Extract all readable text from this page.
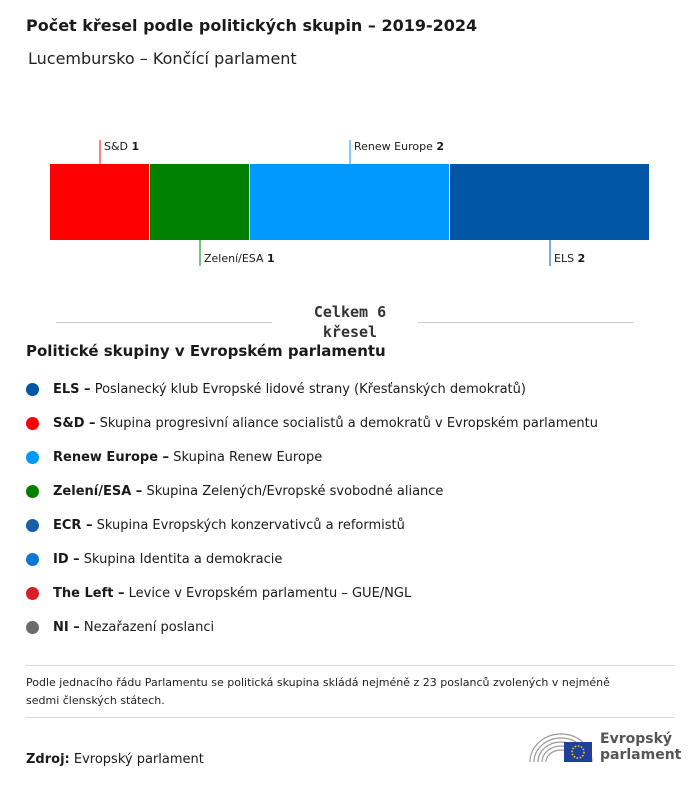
Počet křesel podle politických skupin – 2019-2024
Lucembursko – Končící parlament
S&D 1
Zelení/ESA 1
Renew Europe 2
ELS 2
Celkem 6
křesel
Politické skupiny v Evropském parlamentu
ELS –
Poslanecký klub Evropské lidové strany (Křesťanských demokratů)
S&D –
Skupina progresivní aliance socialistů a demokratů v Evropském parlamentu
Renew Europe –
Skupina Renew Europe
Zelení/ESA –
Skupina Zelených/Evropské svobodné aliance
ECR –
Skupina Evropských konzervativců a reformistů
ID –
Skupina Identita a demokracie
The Left –
Levice v Evropském parlamentu – GUE/NGL
NI –
Nezařazení poslanci
Podle jednacího řádu Parlamentu se politická skupina skládá nejméně z 23 poslanců zvolených v nejméně sedmi členských státech.
Zdroj: Evropský parlament
Evropský
parlament
